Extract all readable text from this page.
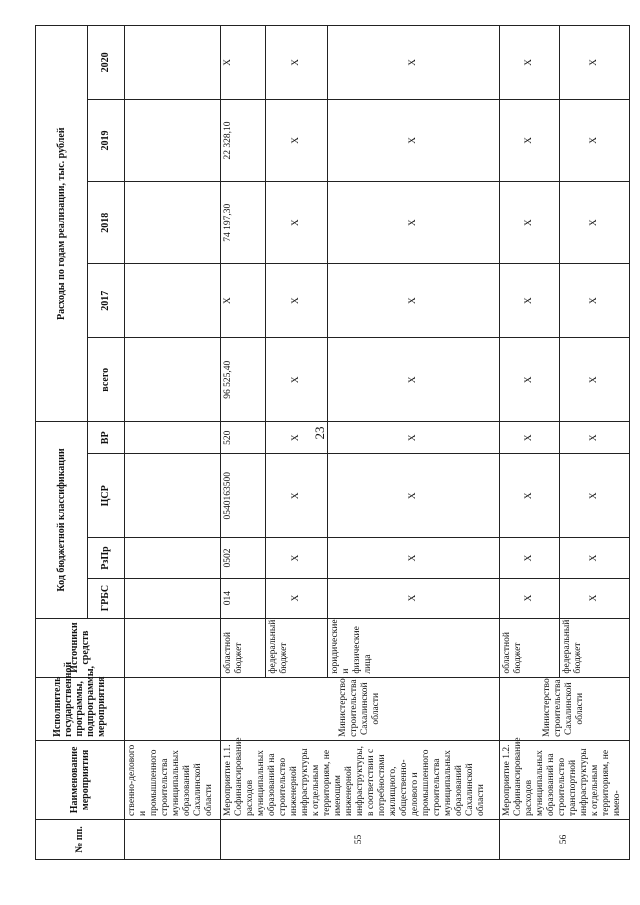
23
№ пп.	Наименование мероприятия	Исполнитель государственной программы, подпрограммы, мероприятия	Источники средств	Код бюджетной классификации				Расходы по годам реализации, тыс. рублей				
				ГРБС	РзПр	ЦСР	ВР	всего	2017	2018	2019	2020
	ственно-делового и промышленного строительства муниципальных образований Сахалинской области											
55	Мероприятие 1.1. Софинансирование расходов муниципальных образований на строительство инженерной инфраструктуры к отдельным территориям, не имеющим инженерной инфраструктуры, в соответствии с потребностями жилищного, общественно-делового и промышленного строительства муниципальных образований Сахалинской области	Министерство строительства Сахалинской области	областной бюджет	014	0502	0540163500	520	96 525,40	X	74 197,30	22 328,10	X
			федеральный бюджет	X	X	X	X	X	X	X	X	X
			юридические и физические лица	X	X	X	X	X	X	X	X	X
56	Мероприятие 1.2. Софинансирование расходов муниципальных образований на строительство транспортной инфраструктуры к отдельным территориям, не имею-	Министерство строительства Сахалинской области	областной бюджет	X	X	X	X	X	X	X	X	X
			федеральный бюджет	X	X	X	X	X	X	X	X	X
